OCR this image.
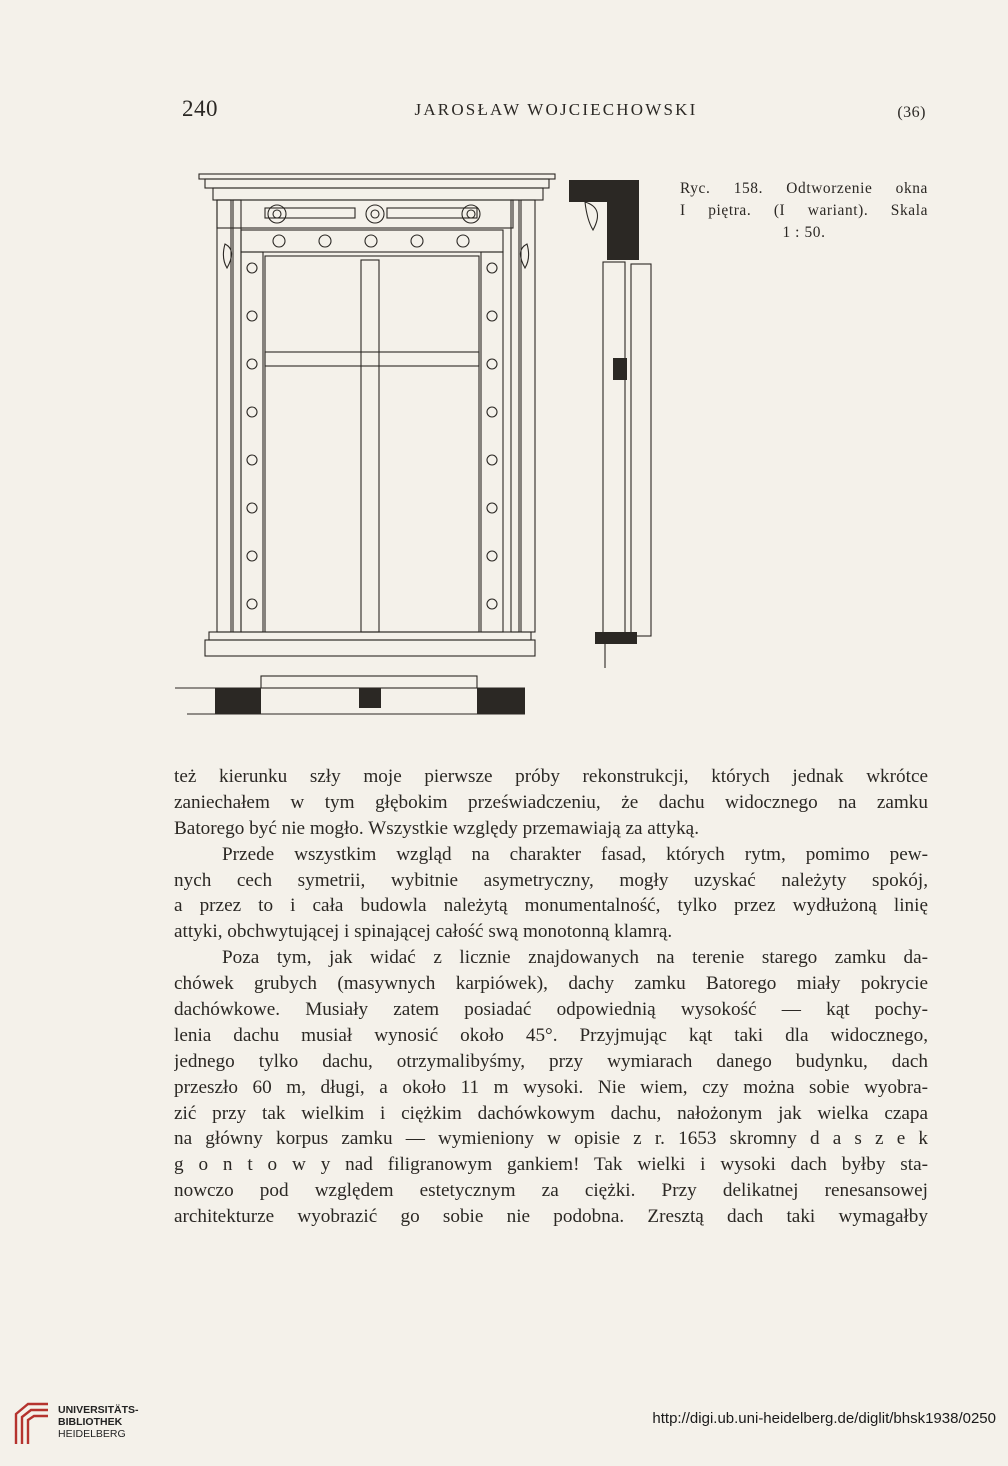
240	JAROSŁAW WOJCIECHOWSKI	(36)
Ryc. 158. Odtworzenie okna
I piętra. (I wariant). Skala
1 : 50.
też kierunku szły moje pierwsze próby rekonstrukcji, których jednak wkrótce
zaniechałem w tym głębokim przeświadczeniu, że dachu widocznego na zamku
Batorego być nie mogło. Wszystkie względy przemawiają za attyką.
Przede wszystkim wzgląd na charakter fasad, których rytm, pomimo pew-
nych cech symetrii, wybitnie asymetryczny, mogły uzyskać należyty spokój,
a przez to i cała budowla należytą monumentalność, tylko przez wydłużoną linię
attyki, obchwytującej i spinającej całość swą monotonną klamrą.
Poza tym, jak widać z licznie znajdowanych na terenie starego zamku da-
chówek grubych (masywnych karpiówek), dachy zamku Batorego miały pokrycie
dachówkowe. Musiały zatem posiadać odpowiednią wysokość — kąt pochy-
lenia dachu musiał wynosić około 45°. Przyjmując kąt taki dla widocznego,
jednego tylko dachu, otrzymalibyśmy, przy wymiarach danego budynku, dach
przeszło 60 m, długi, a około 11 m wysoki. Nie wiem, czy można sobie wyobra-
zić przy tak wielkim i ciężkim dachówkowym dachu, nałożonym jak wielka czapa
na główny korpus zamku — wymieniony w opisie z r. 1653 skromny d a s z e k
g o n t o w y nad filigranowym gankiem! Tak wielki i wysoki dach byłby sta-
nowczo pod względem estetycznym za ciężki. Przy delikatnej renesansowej
architekturze wyobrazić go sobie nie podobna. Zresztą dach taki wymagałby
UNIVERSITÄTS-
BIBLIOTHEK
HEIDELBERG
http://digi.ub.uni-heidelberg.de/diglit/bhsk1938/0250
